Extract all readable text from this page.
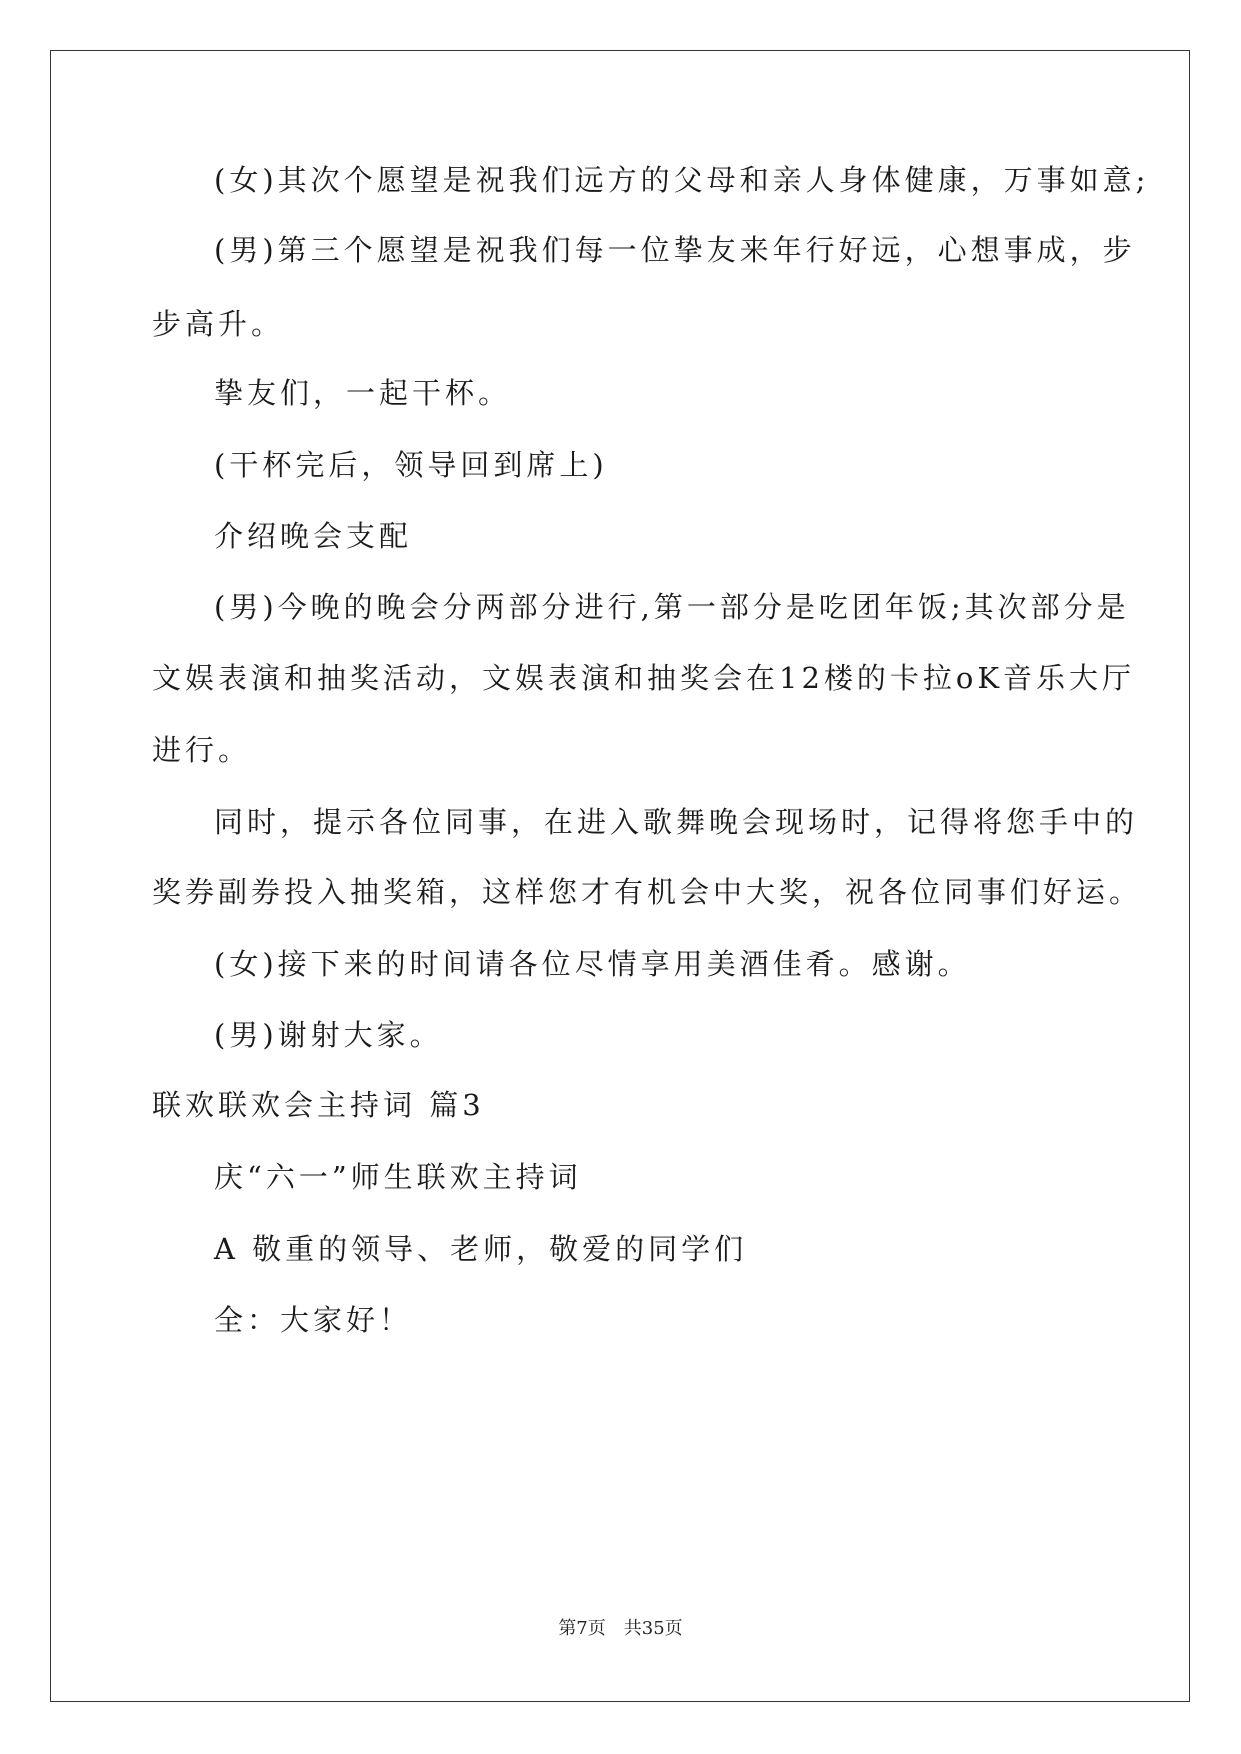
(女)其次个愿望是祝我们远方的父母和亲人身体健康，万事如意;
(男)第三个愿望是祝我们每一位挚友来年行好远，心想事成，步
步高升。
挚友们，一起干杯。
(干杯完后，领导回到席上)
介绍晚会支配
(男)今晚的晚会分两部分进行,第一部分是吃团年饭;其次部分是
文娱表演和抽奖活动，文娱表演和抽奖会在12楼的卡拉oK音乐大厅
进行。
同时，提示各位同事，在进入歌舞晚会现场时，记得将您手中的
奖券副券投入抽奖箱，这样您才有机会中大奖，祝各位同事们好运。
(女)接下来的时间请各位尽情享用美酒佳肴。感谢。
(男)谢射大家。
联欢联欢会主持词 篇3
庆“六一”师生联欢主持词
A 敬重的领导、老师，敬爱的同学们
全：大家好！
第7页　共35页
